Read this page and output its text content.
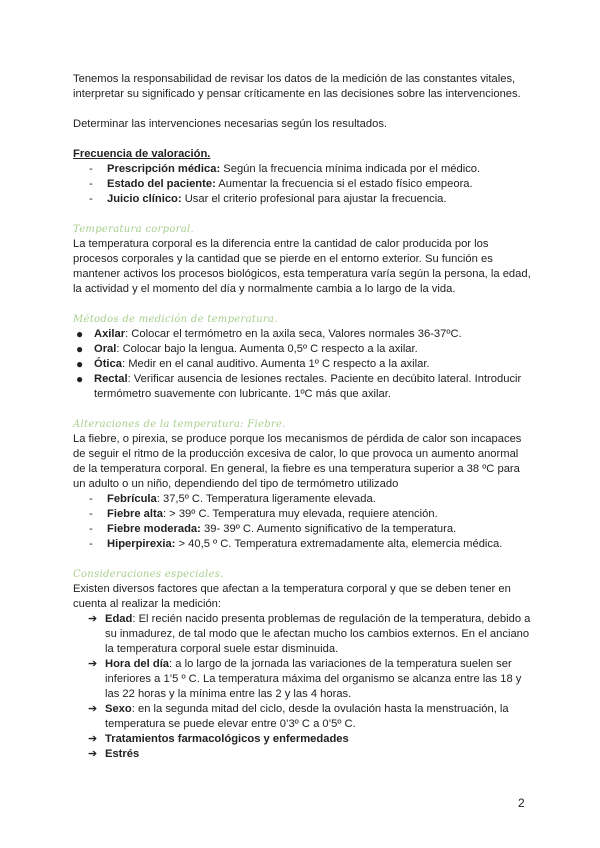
Tenemos la responsabilidad de revisar los datos de la medición de las constantes vitales, interpretar su significado y pensar críticamente en las decisiones sobre las intervenciones.

Determinar las intervenciones necesarias según los resultados.

Frecuencia de valoración.

- Prescripción médica: Según la frecuencia mínima indicada por el médico.
- Estado del paciente: Aumentar la frecuencia si el estado físico empeora.
- Juicio clínico: Usar el criterio profesional para ajustar la frecuencia.

Temperatura corporal.

La temperatura corporal es la diferencia entre la cantidad de calor producida por los procesos corporales y la cantidad que se pierde en el entorno exterior. Su función es mantener activos los procesos biológicos, esta temperatura varía según la persona, la edad, la actividad y el momento del día y normalmente cambia a lo largo de la vida.

Métodos de medición de temperatura.

● Axilar: Colocar el termómetro en la axila seca, Valores normales 36-37ºC.
● Oral: Colocar bajo la lengua. Aumenta 0,5º C respecto a la axilar.
● Ótica: Medir en el canal auditivo. Aumenta 1º C respecto a la axilar.
● Rectal: Verificar ausencia de lesiones rectales. Paciente en decúbito lateral. Introducir termómetro suavemente con lubricante. 1ºC más que axilar.

Alteraciones de la temperatura: Fiebre.

La fiebre, o pirexia, se produce porque los mecanismos de pérdida de calor son incapaces de seguir el ritmo de la producción excesiva de calor, lo que provoca un aumento anormal de la temperatura corporal. En general, la fiebre es una temperatura superior a 38 ºC para un adulto o un niño, dependiendo del tipo de termómetro utilizado

- Febrícula: 37,5º C. Temperatura ligeramente elevada.
- Fiebre alta: > 39º C. Temperatura muy elevada, requiere atención.
- Fiebre moderada: 39- 39º C. Aumento significativo de la temperatura.
- Hiperpirexia: > 40,5 º C. Temperatura extremadamente alta, elemercia médica.

Consideraciones especiales.

Existen diversos factores que afectan a la temperatura corporal y que se deben tener en cuenta al realizar la medición:

➔ Edad: El recién nacido presenta problemas de regulación de la temperatura, debido a su inmadurez, de tal modo que le afectan mucho los cambios externos. En el anciano la temperatura corporal suele estar disminuida.
➔ Hora del día: a lo largo de la jornada las variaciones de la temperatura suelen ser inferiores a 1’5 º C. La temperatura máxima del organismo se alcanza entre las 18 y las 22 horas y la mínima entre las 2 y las 4 horas.
➔ Sexo: en la segunda mitad del ciclo, desde la ovulación hasta la menstruación, la temperatura se puede elevar entre 0’3º C a 0’5º C.
➔ Tratamientos farmacológicos y enfermedades
➔ Estrés
2
